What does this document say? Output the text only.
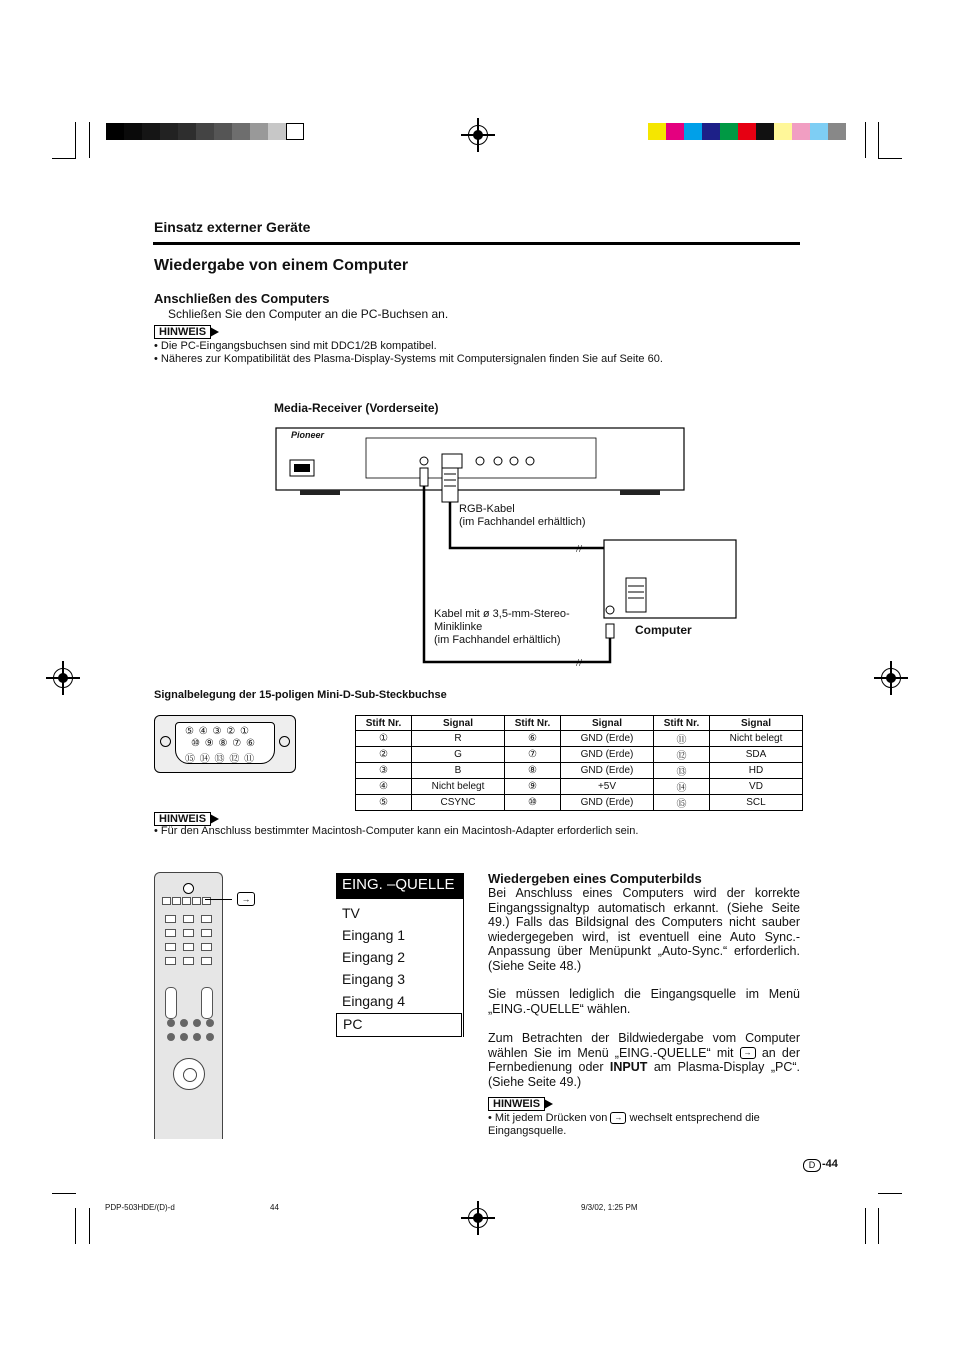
Einsatz externer Geräte
Wiedergabe von einem Computer
Anschließen des Computers
Schließen Sie den Computer an die PC-Buchsen an.
HINWEIS
• Die PC-Eingangsbuchsen sind mit DDC1/2B kompatibel.
• Näheres zur Kompatibilität des Plasma-Display-Systems mit Computersignalen finden Sie auf Seite 60.
Media-Receiver (Vorderseite)
//
//
Pioneer
RGB-Kabel
(im Fachhandel erhältlich)
Kabel mit ø 3,5-mm-Stereo-
Miniklinke
(im Fachhandel erhältlich)
Computer
Signalbelegung der 15-poligen Mini-D-Sub-Steckbuchse
⑤ ④ ③ ② ①
⑩ ⑨ ⑧ ⑦ ⑥
⑮ ⑭ ⑬ ⑫ ⑪
Stift Nr.	Signal	Stift Nr.	Signal	Stift Nr.	Signal
①	R	⑥	GND (Erde)	⑪	Nicht belegt
②	G	⑦	GND (Erde)	⑫	SDA
③	B	⑧	GND (Erde)	⑬	HD
④	Nicht belegt	⑨	+5V	⑭	VD
⑤	CSYNC	⑩	GND (Erde)	⑮	SCL
HINWEIS
• Für den Anschluss bestimmter Macintosh-Computer kann ein Macintosh-Adapter erforderlich sein.
→
EING. –QUELLE
TV
Eingang 1
Eingang 2
Eingang 3
Eingang 4
PC
Wiedergeben eines Computerbilds
Bei Anschluss eines Computers wird der korrekte Eingangssignaltyp automatisch erkannt. (Siehe Seite 49.) Falls das Bildsignal des Computers nicht sauber wiedergegeben wird, ist eventuell eine Auto Sync.-Anpassung über Menüpunkt „Auto-Sync.“ erforderlich. (Siehe Seite 48.)
Sie müssen lediglich die Eingangsquelle im Menü „EING.-QUELLE“ wählen.
Zum Betrachten der Bildwiedergabe vom Computer wählen Sie im Menü „EING.-QUELLE“ mit → an der Fernbedienung oder INPUT am Plasma-Display „PC“. (Siehe Seite 49.)
HINWEIS
• Mit jedem Drücken von → wechselt entsprechend die Eingangsquelle.
D -44
PDP-503HDE/(D)-d	44	9/3/02, 1:25 PM
